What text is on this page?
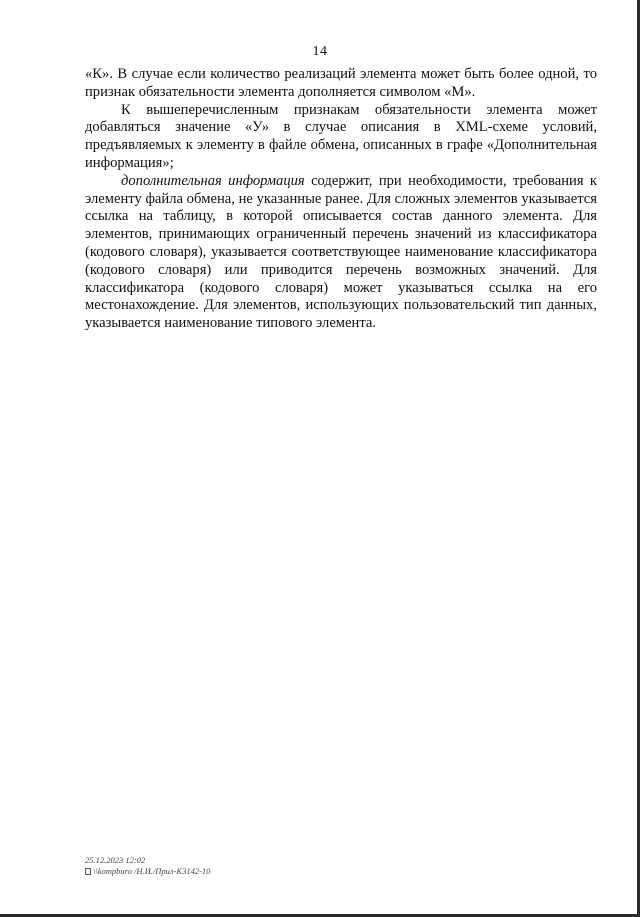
14

«К». В случае если количество реализаций элемента может быть более одной, то признак обязательности элемента дополняется символом «М».

К вышеперечисленным признакам обязательности элемента может добавляться значение «У» в случае описания в XML-схеме условий, предъявляемых к элементу в файле обмена, описанных в графе «Дополнительная информация»;

дополнительная информация содержит, при необходимости, требования к элементу файла обмена, не указанные ранее. Для сложных элементов указывается ссылка на таблицу, в которой описывается состав данного элемента. Для элементов, принимающих ограниченный перечень значений из классификатора (кодового словаря), указывается соответствующее наименование классификатора (кодового словаря) или приводится перечень возможных значений. Для классификатора (кодового словаря) может указываться ссылка на его местонахождение. Для элементов, использующих пользовательский тип данных, указывается наименование типового элемента.

25.12.2023 12:02
\\kompburo /Н.И./Прил-К3142-10
